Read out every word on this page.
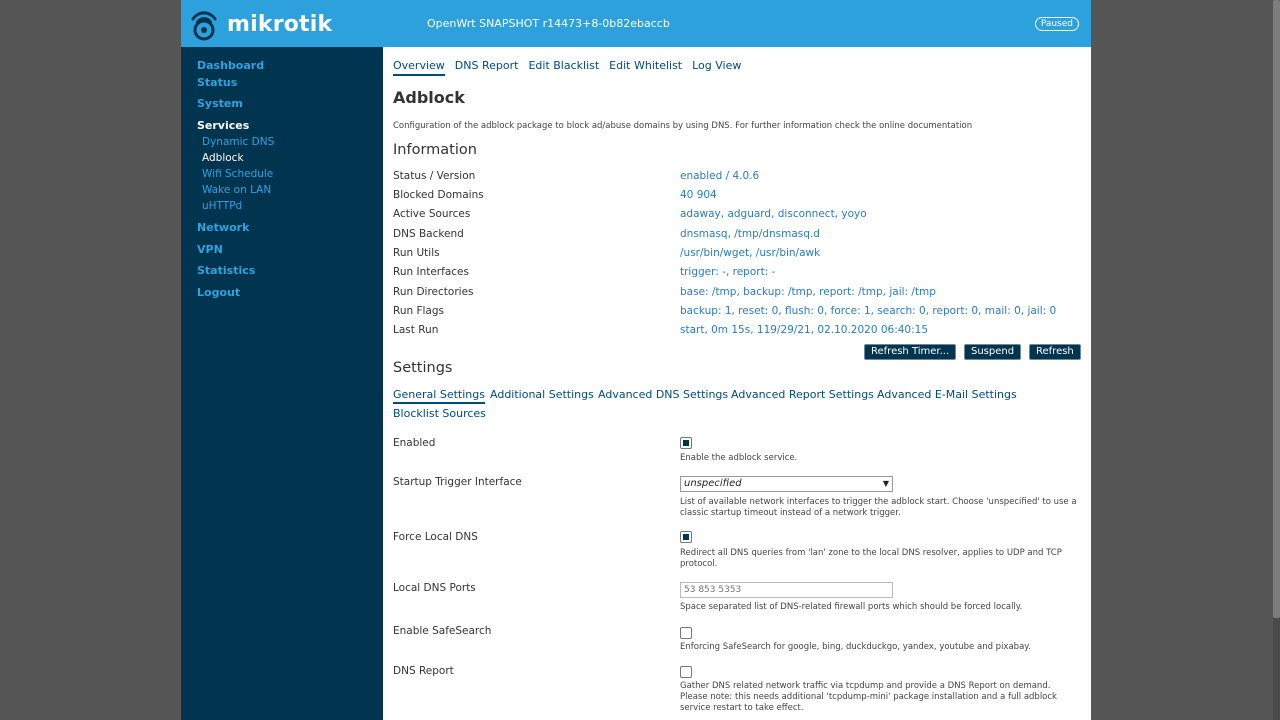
mikrotik	OpenWrt SNAPSHOT r14473+8-0b82ebaccb	Paused
Dashboard
Status
System
Services
Dynamic DNS
Adblock
Wifi Schedule
Wake on LAN
uHTTPd
Network
VPN
Statistics
Logout
Overview DNS Report Edit Blacklist Edit Whitelist Log View
Adblock
Configuration of the adblock package to block ad/abuse domains by using DNS. For further information check the online documentation
Information
Status / Version	enabled / 4.0.6
Blocked Domains	40 904
Active Sources	adaway, adguard, disconnect, yoyo
DNS Backend	dnsmasq, /tmp/dnsmasq.d
Run Utils	/usr/bin/wget, /usr/bin/awk
Run Interfaces	trigger: -, report: -
Run Directories	base: /tmp, backup: /tmp, report: /tmp, jail: /tmp
Run Flags	backup: 1, reset: 0, flush: 0, force: 1, search: 0, report: 0, mail: 0, jail: 0
Last Run	start, 0m 15s, 119/29/21, 02.10.2020 06:40:15
Refresh Timer...	Suspend	Refresh
Settings
General Settings Additional Settings Advanced DNS Settings Advanced Report Settings Advanced E-Mail Settings
Blocklist Sources
Enabled
Enable the adblock service.
Startup Trigger Interface	unspecified	▼
List of available network interfaces to trigger the adblock start. Choose 'unspecified' to use a classic startup timeout instead of a network trigger.
Force Local DNS
Redirect all DNS queries from 'lan' zone to the local DNS resolver, applies to UDP and TCP protocol.
Local DNS Ports
53 853 5353
Space separated list of DNS-related firewall ports which should be forced locally.
Enable SafeSearch
Enforcing SafeSearch for google, bing, duckduckgo, yandex, youtube and pixabay.
DNS Report
Gather DNS related network traffic via tcpdump and provide a DNS Report on demand. Please note: this needs additional 'tcpdump-mini' package installation and a full adblock service restart to take effect.
